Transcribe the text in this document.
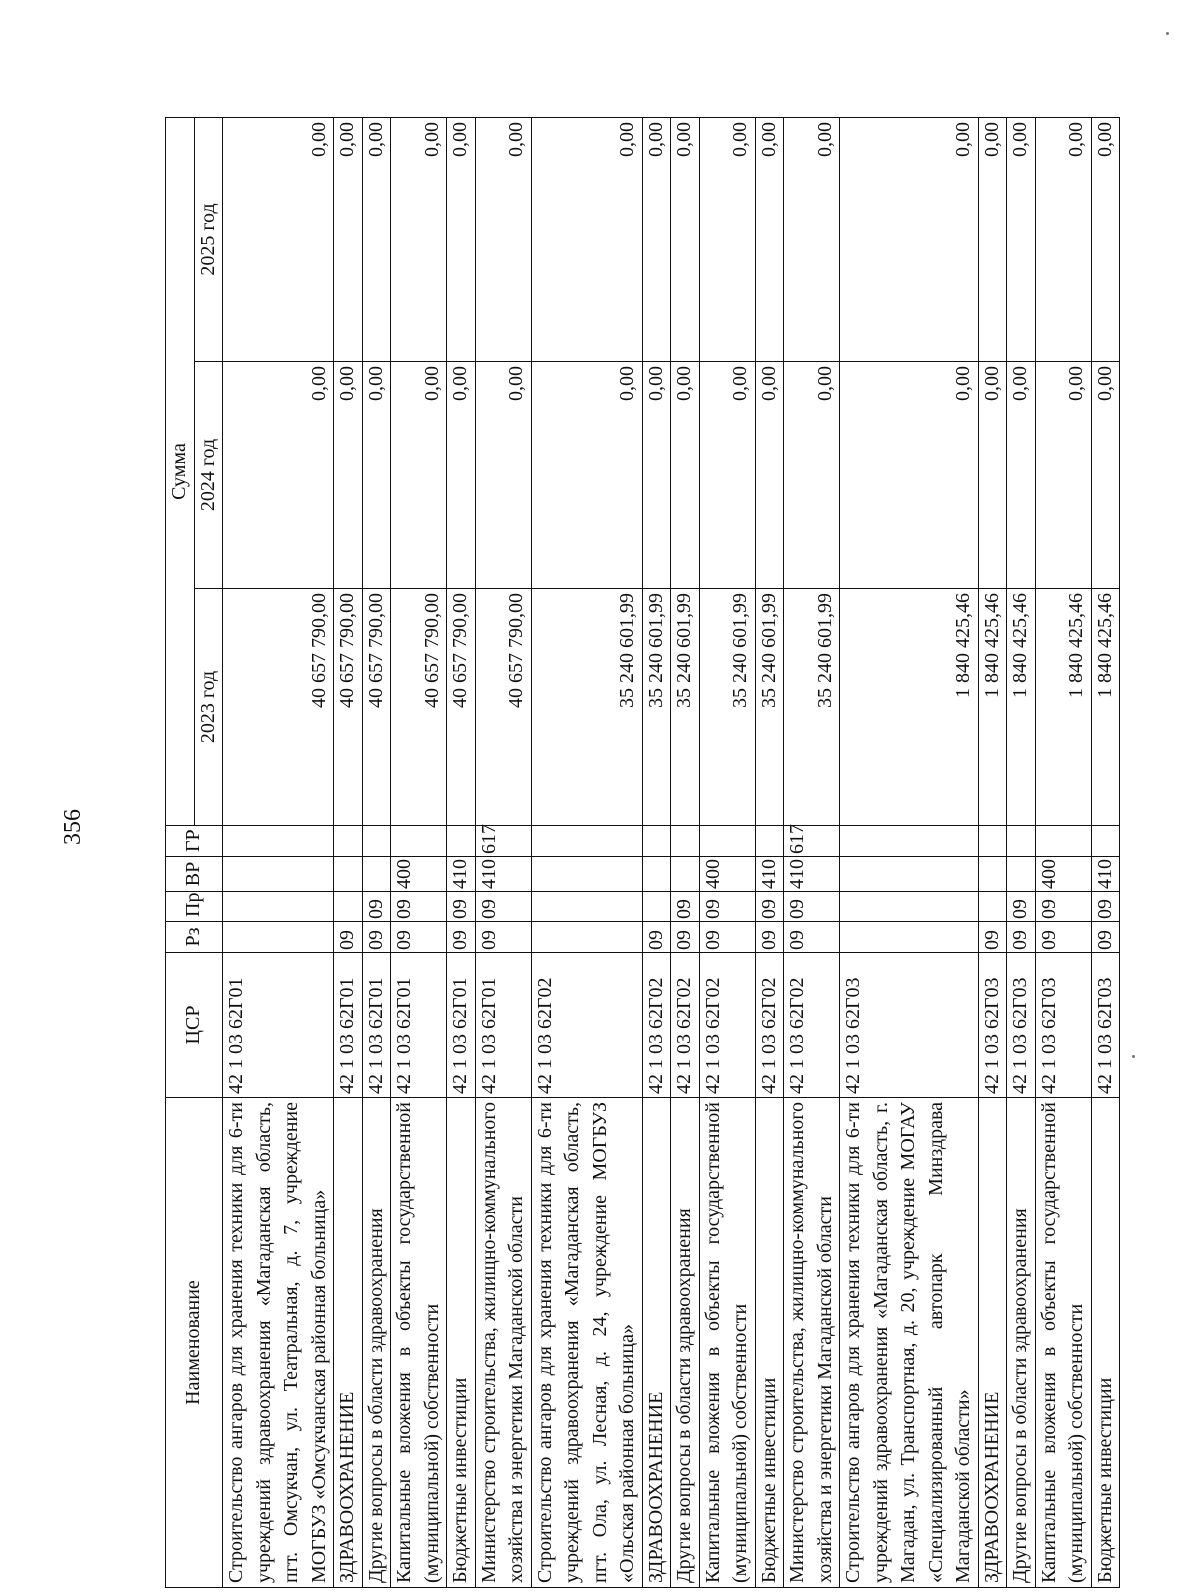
356
Наименование	ЦСР	Рз	Пр	ВР	ГР	Сумма		
						2023 год	2024 год	2025 год
Строительство ангаров для хранения техники для 6-ти учреждений здравоохранения «Магаданская область, пгт. Омсукчан, ул. Театральная, д. 7, учреждение МОГБУЗ «Омсукчанская районная больница»	42 1 03 62Г01					40 657 790,00	0,00	0,00
ЗДРАВООХРАНЕНИЕ	42 1 03 62Г01	09				40 657 790,00	0,00	0,00
Другие вопросы в области здравоохранения	42 1 03 62Г01	09	09			40 657 790,00	0,00	0,00
Капитальные вложения в объекты государственной (муниципальной) собственности	42 1 03 62Г01	09	09	400		40 657 790,00	0,00	0,00
Бюджетные инвестиции	42 1 03 62Г01	09	09	410		40 657 790,00	0,00	0,00
Министерство строительства, жилищно-коммунального хозяйства и энергетики Магаданской области	42 1 03 62Г01	09	09	410	617	40 657 790,00	0,00	0,00
Строительство ангаров для хранения техники для 6-ти учреждений здравоохранения «Магаданская область, пгт. Ола, ул. Лесная, д. 24, учреждение МОГБУЗ «Ольская районная больница»	42 1 03 62Г02					35 240 601,99	0,00	0,00
ЗДРАВООХРАНЕНИЕ	42 1 03 62Г02	09				35 240 601,99	0,00	0,00
Другие вопросы в области здравоохранения	42 1 03 62Г02	09	09			35 240 601,99	0,00	0,00
Капитальные вложения в объекты государственной (муниципальной) собственности	42 1 03 62Г02	09	09	400		35 240 601,99	0,00	0,00
Бюджетные инвестиции	42 1 03 62Г02	09	09	410		35 240 601,99	0,00	0,00
Министерство строительства, жилищно-коммунального хозяйства и энергетики Магаданской области	42 1 03 62Г02	09	09	410	617	35 240 601,99	0,00	0,00
Строительство ангаров для хранения техники для 6-ти учреждений здравоохранения «Магаданская область, г. Магадан, ул. Транспортная, д. 20, учреждение МОГАУ «Специализированный автопарк Минздрава Магаданской области»	42 1 03 62Г03					1 840 425,46	0,00	0,00
ЗДРАВООХРАНЕНИЕ	42 1 03 62Г03	09				1 840 425,46	0,00	0,00
Другие вопросы в области здравоохранения	42 1 03 62Г03	09	09			1 840 425,46	0,00	0,00
Капитальные вложения в объекты государственной (муниципальной) собственности	42 1 03 62Г03	09	09	400		1 840 425,46	0,00	0,00
Бюджетные инвестиции	42 1 03 62Г03	09	09	410		1 840 425,46	0,00	0,00
